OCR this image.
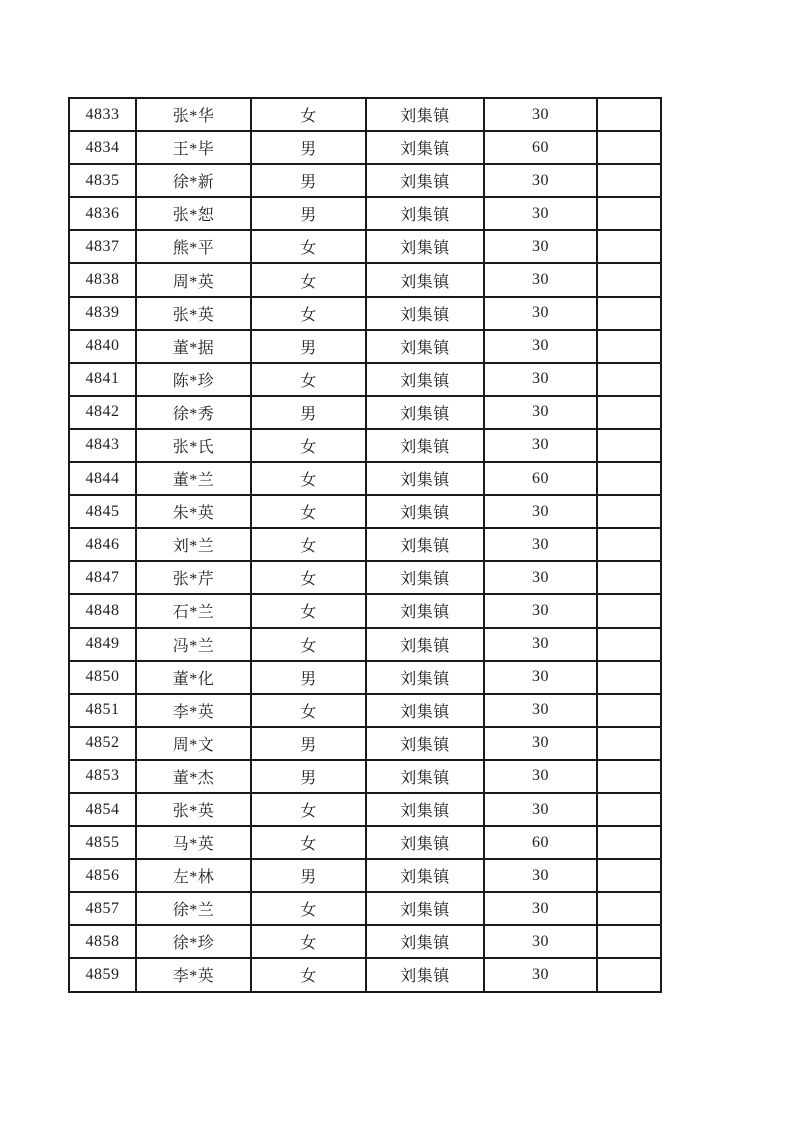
4833	张*华	女	刘集镇	30	
4834	王*毕	男	刘集镇	60	
4835	徐*新	男	刘集镇	30	
4836	张*恕	男	刘集镇	30	
4837	熊*平	女	刘集镇	30	
4838	周*英	女	刘集镇	30	
4839	张*英	女	刘集镇	30	
4840	董*据	男	刘集镇	30	
4841	陈*珍	女	刘集镇	30	
4842	徐*秀	男	刘集镇	30	
4843	张*氏	女	刘集镇	30	
4844	董*兰	女	刘集镇	60	
4845	朱*英	女	刘集镇	30	
4846	刘*兰	女	刘集镇	30	
4847	张*芹	女	刘集镇	30	
4848	石*兰	女	刘集镇	30	
4849	冯*兰	女	刘集镇	30	
4850	董*化	男	刘集镇	30	
4851	李*英	女	刘集镇	30	
4852	周*文	男	刘集镇	30	
4853	董*杰	男	刘集镇	30	
4854	张*英	女	刘集镇	30	
4855	马*英	女	刘集镇	60	
4856	左*林	男	刘集镇	30	
4857	徐*兰	女	刘集镇	30	
4858	徐*珍	女	刘集镇	30	
4859	李*英	女	刘集镇	30	
